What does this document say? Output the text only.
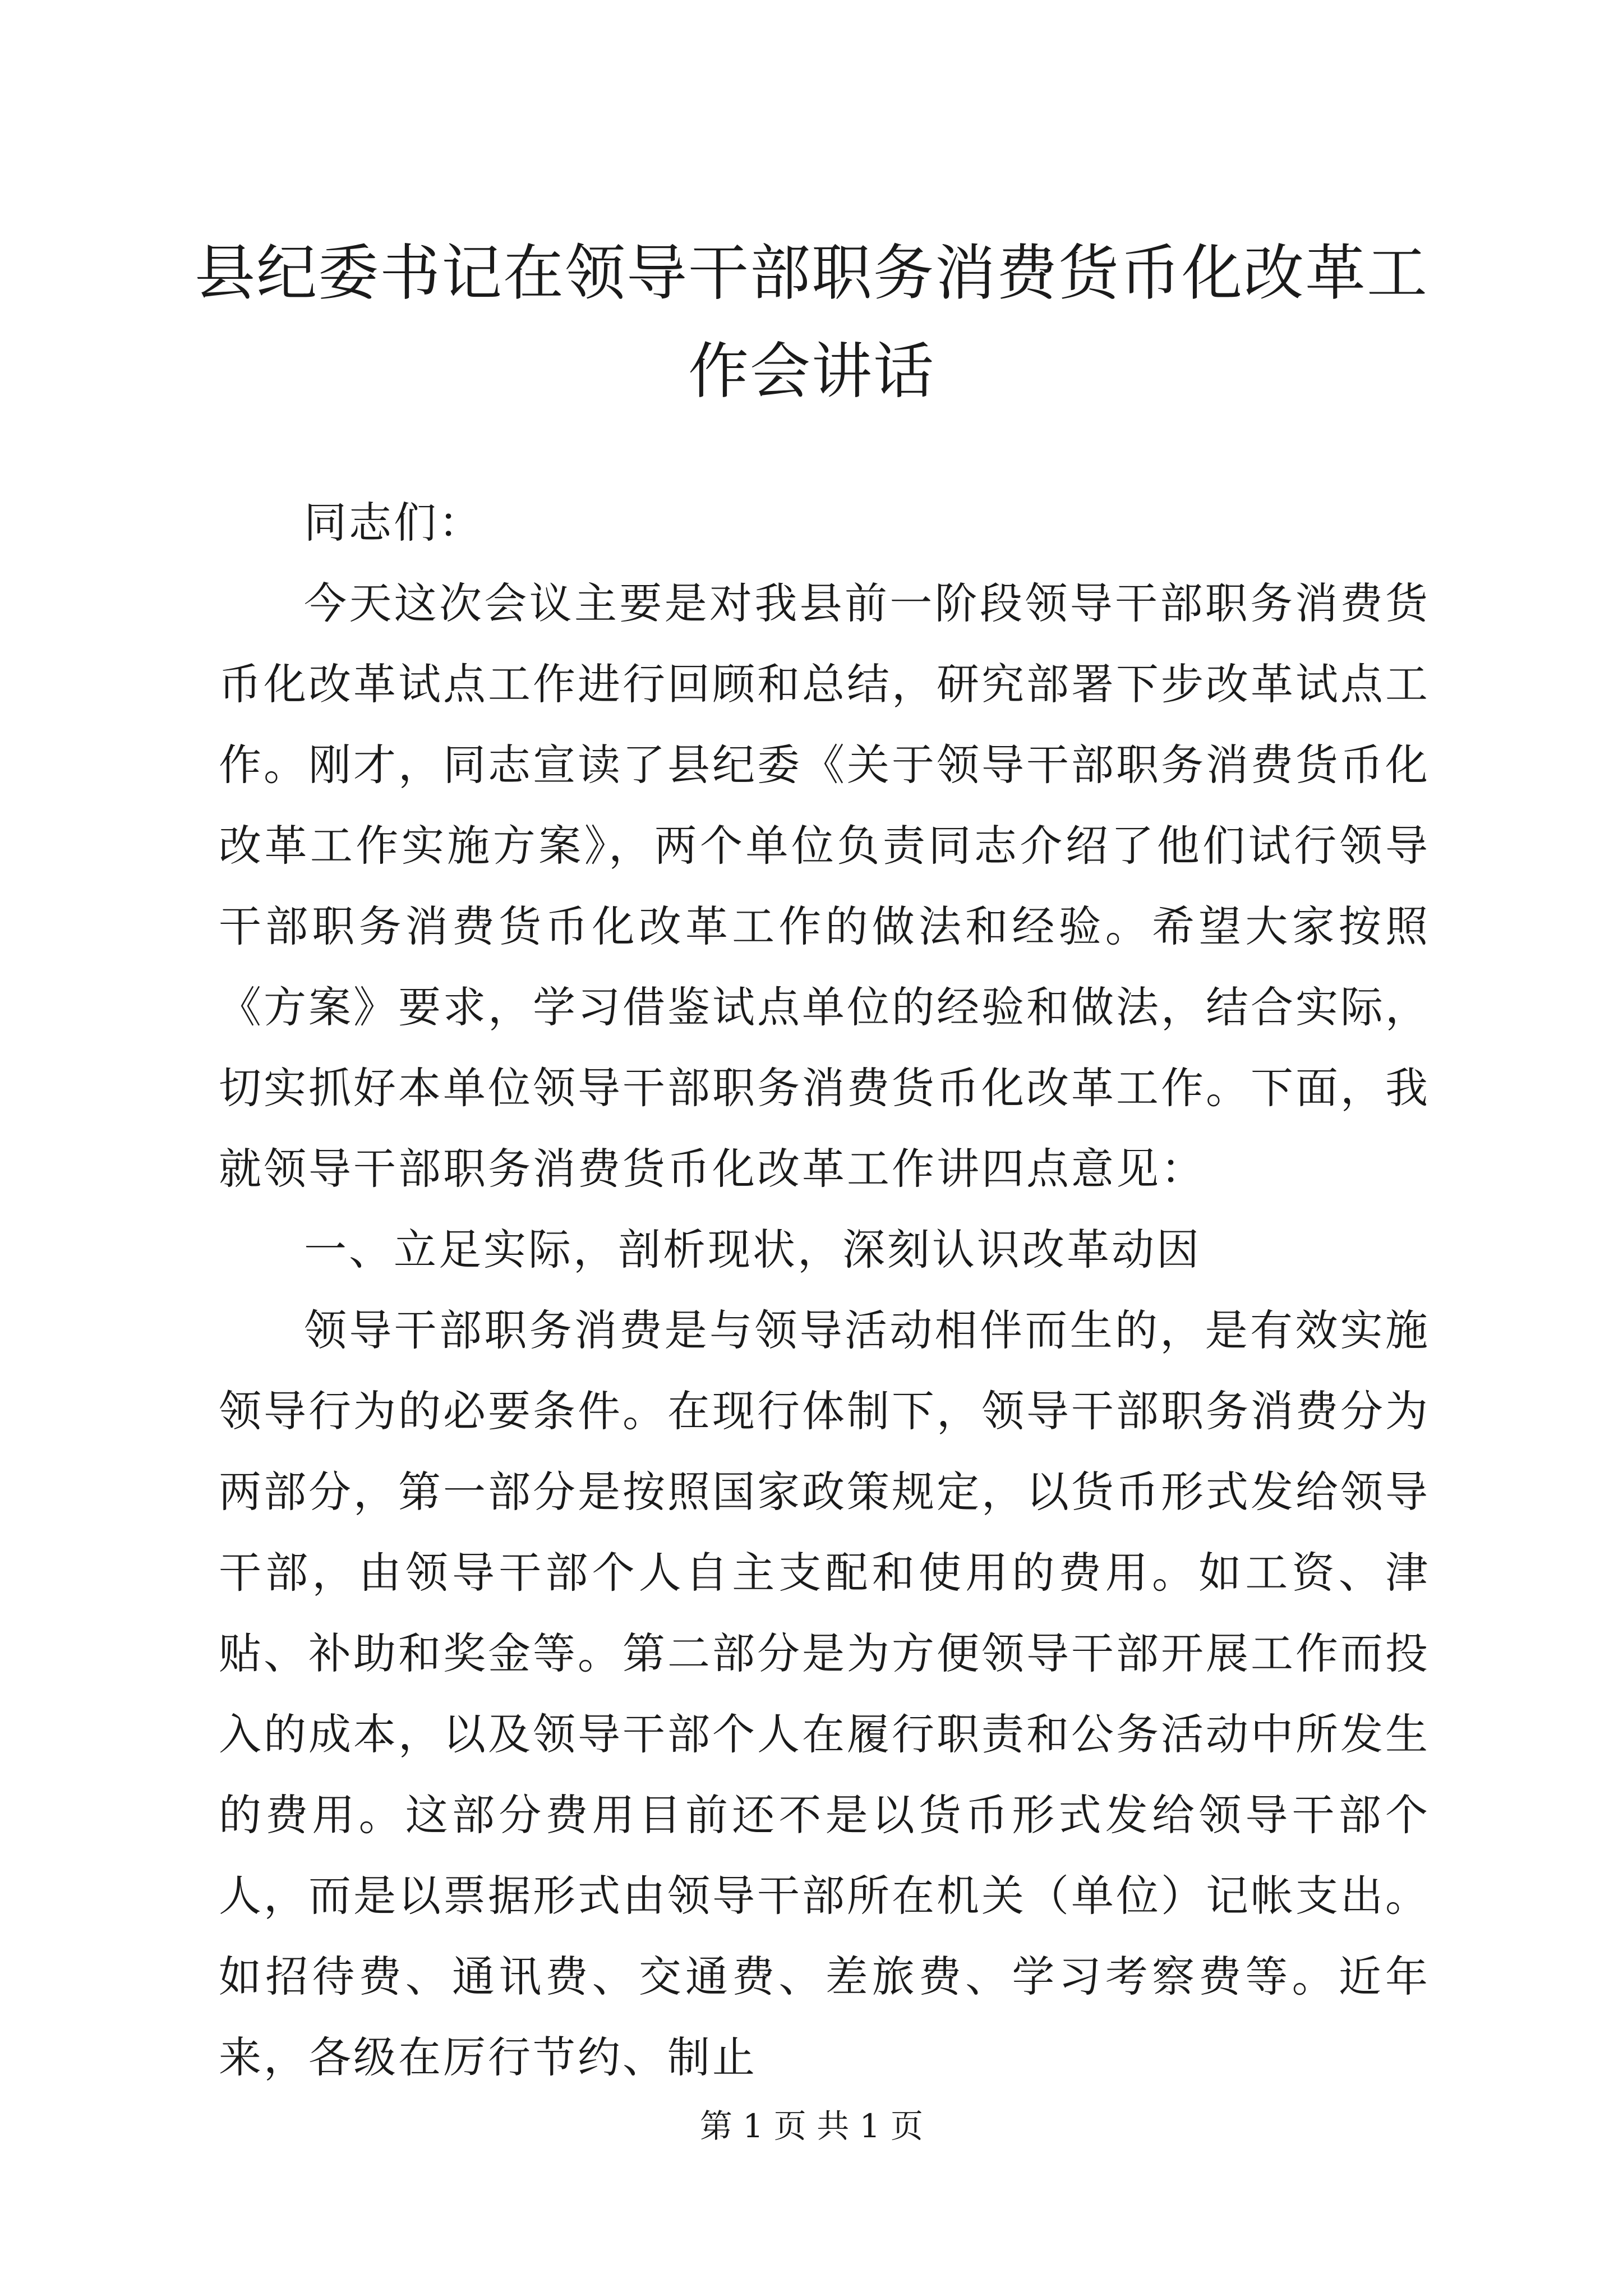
县纪委书记在领导干部职务消费货币化改革工作会讲话

同志们：

今天这次会议主要是对我县前一阶段领导干部职务消费货币化改革试点工作进行回顾和总结，研究部署下步改革试点工作。刚才，同志宣读了县纪委《关于领导干部职务消费货币化改革工作实施方案》，两个单位负责同志介绍了他们试行领导干部职务消费货币化改革工作的做法和经验。希望大家按照《方案》要求，学习借鉴试点单位的经验和做法，结合实际，切实抓好本单位领导干部职务消费货币化改革工作。下面，我就领导干部职务消费货币化改革工作讲四点意见：

一、立足实际，剖析现状，深刻认识改革动因

领导干部职务消费是与领导活动相伴而生的，是有效实施领导行为的必要条件。在现行体制下，领导干部职务消费分为两部分，第一部分是按照国家政策规定，以货币形式发给领导干部，由领导干部个人自主支配和使用的费用。如工资、津贴、补助和奖金等。第二部分是为方便领导干部开展工作而投入的成本，以及领导干部个人在履行职责和公务活动中所发生的费用。这部分费用目前还不是以货币形式发给领导干部个人，而是以票据形式由领导干部所在机关（单位）记帐支出。如招待费、通讯费、交通费、差旅费、学习考察费等。近年来，各级在厉行节约、制止

第 1 页 共 1 页
